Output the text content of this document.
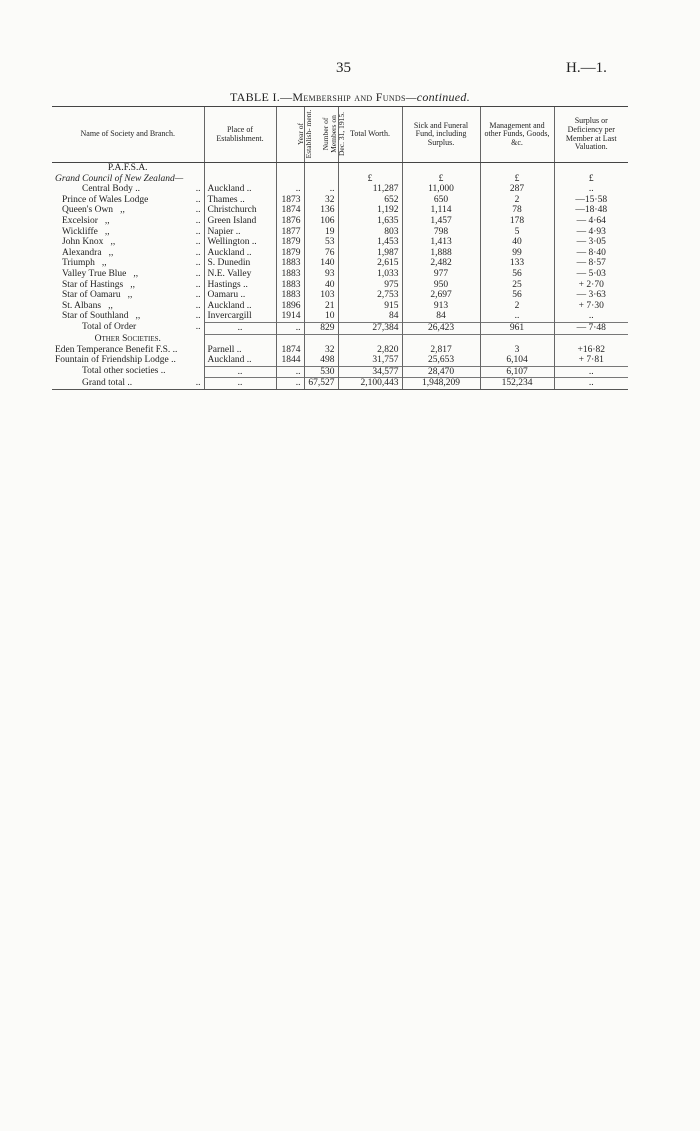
35	H.—1.
TABLE I.—Membership and Funds—continued.
Name of Society and Branch.	Place of Establishment.	Year of Establish- ment.	Number of Members on Dec. 31, 1915.	Total Worth.	Sick and Funeral Fund, including Surplus.	Management and other Funds, Goods, &c.	Surplus or Deficiency per Member at Last Valuation.
P.A.F.S.A.							
Grand Council of New Zealand—				£	£	£	£
Central Body .. ..	Auckland ..	..	..	11,287	11,000	287	..
Prince of Wales Lodge ..	Thames ..	1873	32	652	650	2	—15·58
Queen's Own ,, ..	Christchurch	1874	136	1,192	1,114	78	—18·48
Excelsior ,, ..	Green Island	1876	106	1,635	1,457	178	— 4·64
Wickliffe ,, ..	Napier ..	1877	19	803	798	5	— 4·93
John Knox ,, ..	Wellington ..	1879	53	1,453	1,413	40	— 3·05
Alexandra ,, ..	Auckland ..	1879	76	1,987	1,888	99	— 8·40
Triumph ,, ..	S. Dunedin	1883	140	2,615	2,482	133	— 8·57
Valley True Blue ,, ..	N.E. Valley	1883	93	1,033	977	56	— 5·03
Star of Hastings ,, ..	Hastings ..	1883	40	975	950	25	+ 2·70
Star of Oamaru ,, ..	Oamaru ..	1883	103	2,753	2,697	56	— 3·63
St. Albans ,, ..	Auckland ..	1896	21	915	913	2	+ 7·30
Star of Southland ,, ..	Invercargill	1914	10	84	84	..	..
Total of Order ..	..	..	829	27,384	26,423	961	— 7·48
Other Societies.							
Eden Temperance Benefit F.S. ..	Parnell ..	1874	32	2,820	2,817	3	+16·82
Fountain of Friendship Lodge ..	Auckland ..	1844	498	31,757	25,653	6,104	+ 7·81
Total other societies ..	..	..	530	34,577	28,470	6,107	..
Grand total .. ..	..	..	67,527	2,100,443	1,948,209	152,234	..
